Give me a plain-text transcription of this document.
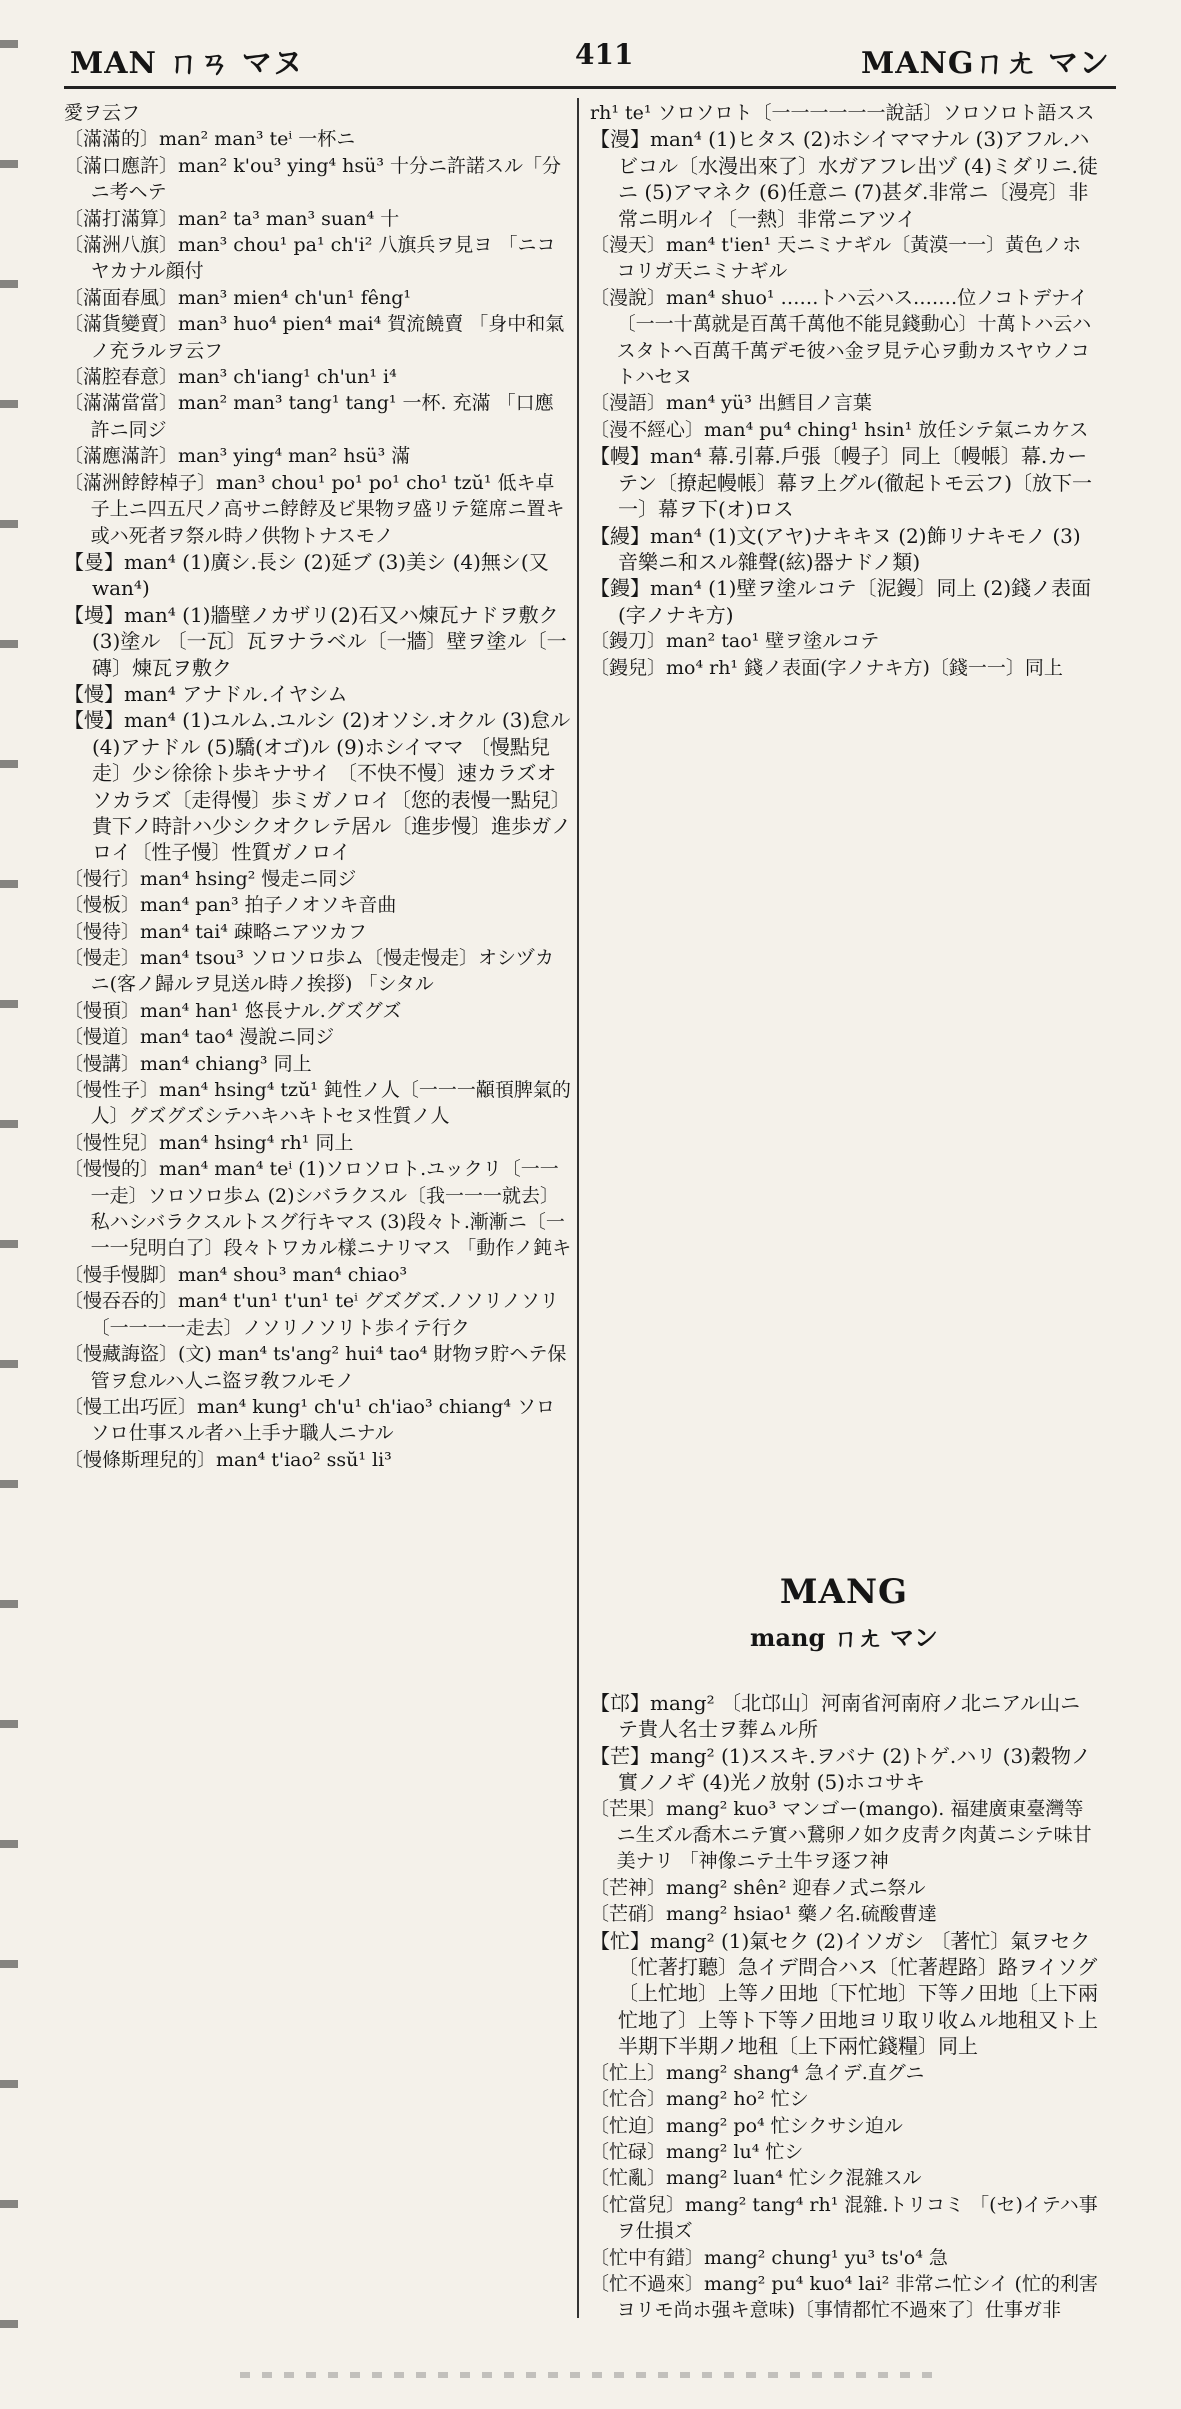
MAN ㄇㄢ マヌ	411	MANGㄇㄤ マン

愛ヲ云フ

〔滿滿的〕man² man³ teⁱ 一杯ニ

〔滿口應許〕man² k'ou³ ying⁴ hsü³ 十分ニ許諾スル「分ニ考ヘテ

〔滿打滿算〕man² ta³ man³ suan⁴ 十

〔滿洲八旗〕man³ chou¹ pa¹ ch'i² 八旗兵ヲ見ヨ 「ニコヤカナル顔付

〔滿面春風〕man³ mien⁴ ch'un¹ fêng¹

〔滿貨變賣〕man³ huo⁴ pien⁴ mai⁴ 賀流饒賣 「身中和氣ノ充ラルヲ云フ

〔滿腔春意〕man³ ch'iang¹ ch'un¹ i⁴

〔滿滿當當〕man² man³ tang¹ tang¹ 一杯. 充滿 「口應許ニ同ジ

〔滿應滿許〕man³ ying⁴ man² hsü³ 滿

〔滿洲餑餑棹子〕man³ chou¹ po¹ po¹ cho¹ tzŭ¹ 低キ卓子上ニ四五尺ノ高サニ餑餑及ビ果物ヲ盛リテ筵席ニ置キ或ハ死者ヲ祭ル時ノ供物トナスモノ

【曼】man⁴ (1)廣シ.長シ (2)延ブ (3)美シ (4)無シ(又 wan⁴)

【墁】man⁴ (1)牆壁ノカザリ(2)石又ハ煉瓦ナドヲ敷ク (3)塗ル 〔一瓦〕瓦ヲナラベル〔一牆〕壁ヲ塗ル〔一磚〕煉瓦ヲ敷ク

【慢】man⁴ アナドル.イヤシム

【慢】man⁴ (1)ユルム.ユルシ (2)オソシ.オクル (3)怠ル (4)アナドル (5)驕(オゴ)ル (9)ホシイママ 〔慢點兒走〕少シ徐徐ト歩キナサイ 〔不快不慢〕速カラズオソカラズ〔走得慢〕歩ミガノロイ〔您的表慢一點兒〕貴下ノ時計ハ少シクオクレテ居ル〔進步慢〕進歩ガノロイ〔性子慢〕性質ガノロイ

〔慢行〕man⁴ hsing² 慢走ニ同ジ

〔慢板〕man⁴ pan³ 拍子ノオソキ音曲

〔慢待〕man⁴ tai⁴ 疎略ニアツカフ

〔慢走〕man⁴ tsou³ ソロソロ歩ム〔慢走慢走〕オシヅカニ(客ノ歸ルヲ見送ル時ノ挨拶) 「シタル

〔慢頇〕man⁴ han¹ 悠長ナル.グズグズ

〔慢道〕man⁴ tao⁴ 漫說ニ同ジ

〔慢講〕man⁴ chiang³ 同上

〔慢性子〕man⁴ hsing⁴ tzŭ¹ 鈍性ノ人〔一一一顢頇脾氣的人〕グズグズシテハキハキトセヌ性質ノ人

〔慢性兒〕man⁴ hsing⁴ rh¹ 同上

〔慢慢的〕man⁴ man⁴ teⁱ (1)ソロソロト.ユックリ〔一一一走〕ソロソロ歩ム (2)シバラクスル〔我一一一就去〕私ハシバラクスルトスグ行キマス (3)段々ト.漸漸ニ〔一一一兒明白了〕段々トワカル樣ニナリマス 「動作ノ鈍キ

〔慢手慢脚〕man⁴ shou³ man⁴ chiao³

〔慢吞吞的〕man⁴ t'un¹ t'un¹ teⁱ グズグズ.ノソリノソリ〔一一一一走去〕ノソリノソリト歩イテ行ク

〔慢藏誨盜〕(文) man⁴ ts'ang² hui⁴ tao⁴ 財物ヲ貯ヘテ保管ヲ怠ルハ人ニ盜ヲ敎フルモノ

〔慢工出巧匠〕man⁴ kung¹ ch'u¹ ch'iao³ chiang⁴ ソロソロ仕事スル者ハ上手ナ職人ニナル

〔慢條斯理兒的〕man⁴ t'iao² ssŭ¹ li³

rh¹ te¹ ソロソロト〔一一一一一一說話〕ソロソロト語スス

【漫】man⁴ (1)ヒタス (2)ホシイママナル (3)アフル.ハビコル〔水漫出來了〕水ガアフレ出ヅ (4)ミダリニ.徒ニ (5)アマネク (6)任意ニ (7)甚ダ.非常ニ〔漫亮〕非常ニ明ルイ〔一熱〕非常ニアツイ

〔漫天〕man⁴ t'ien¹ 天ニミナギル〔黃漠一一〕黃色ノホコリガ天ニミナギル

〔漫說〕man⁴ shuo¹ ……トハ云ハス.……位ノコトデナイ 〔一一十萬就是百萬千萬他不能見錢動心〕十萬トハ云ハスタトヘ百萬千萬デモ彼ハ金ヲ見テ心ヲ動カスヤウノコトハセヌ

〔漫語〕man⁴ yü³ 出鱈目ノ言葉

〔漫不經心〕man⁴ pu⁴ ching¹ hsin¹ 放任シテ氣ニカケス

【幔】man⁴ 幕.引幕.戶張〔幔子〕同上〔幔帳〕幕.カーテン〔撩起幔帳〕幕ヲ上グル(徹起トモ云フ)〔放下一一〕幕ヲ下(オ)ロス

【縵】man⁴ (1)文(アヤ)ナキキヌ (2)飾リナキモノ (3)音樂ニ和スル雜聲(絃)器ナドノ類)

【鏝】man⁴ (1)壁ヲ塗ルコテ〔泥鏝〕同上 (2)錢ノ表面(字ノナキ方)

〔鏝刀〕man² tao¹ 壁ヲ塗ルコテ

〔鏝兒〕mo⁴ rh¹ 錢ノ表面(字ノナキ方)〔錢一一〕同上

MANG
mang ㄇㄤ マン

【邙】mang² 〔北邙山〕河南省河南府ノ北ニアル山ニテ貴人名士ヲ葬ムル所

【芒】mang² (1)ススキ.ヲバナ (2)トゲ.ハリ (3)穀物ノ實ノノギ (4)光ノ放射 (5)ホコサキ

〔芒果〕mang² kuo³ マンゴー(mango). 福建廣東臺灣等ニ生ズル喬木ニテ實ハ鵞卵ノ如ク皮靑ク肉黃ニシテ味甘美ナリ 「神像ニテ土牛ヲ逐フ神

〔芒神〕mang² shên² 迎春ノ式ニ祭ル

〔芒硝〕mang² hsiao¹ 藥ノ名.硫酸曹達

【忙】mang² (1)氣セク (2)イソガシ 〔著忙〕氣ヲセク〔忙著打聽〕急イデ問合ハス〔忙著趕路〕路ヲイソグ〔上忙地〕上等ノ田地〔下忙地〕下等ノ田地〔上下兩忙地了〕上等ト下等ノ田地ヨリ取リ收ムル地租又ト上半期下半期ノ地租〔上下兩忙錢糧〕同上

〔忙上〕mang² shang⁴ 急イデ.直グニ

〔忙合〕mang² ho² 忙シ

〔忙迫〕mang² po⁴ 忙シクサシ迫ル

〔忙碌〕mang² lu⁴ 忙シ

〔忙亂〕mang² luan⁴ 忙シク混雜スル

〔忙當兒〕mang² tang⁴ rh¹ 混雜.トリコミ 「(セ)イテハ事ヲ仕損ズ

〔忙中有錯〕mang² chung¹ yu³ ts'o⁴ 急

〔忙不過來〕mang² pu⁴ kuo⁴ lai² 非常ニ忙シイ (忙的利害ヨリモ尚ホ强キ意味)〔事情都忙不過來了〕仕事ガ非
